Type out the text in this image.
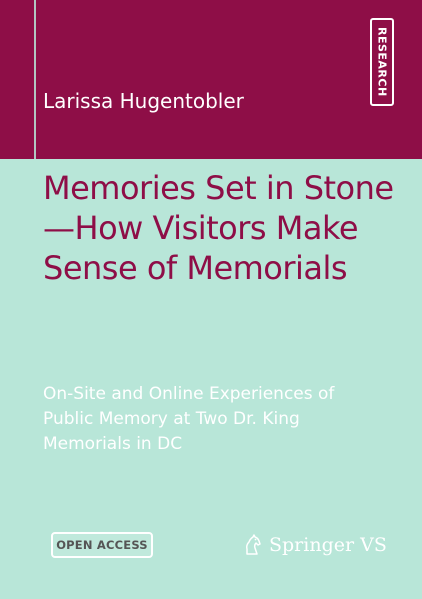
RESEARCH
Larissa Hugentobler
Memories Set in Stone—How Visitors Make Sense of Memorials

On-Site and Online Experiences of Public Memory at Two Dr. King Memorials in DC

OPEN ACCESS	Springer VS
